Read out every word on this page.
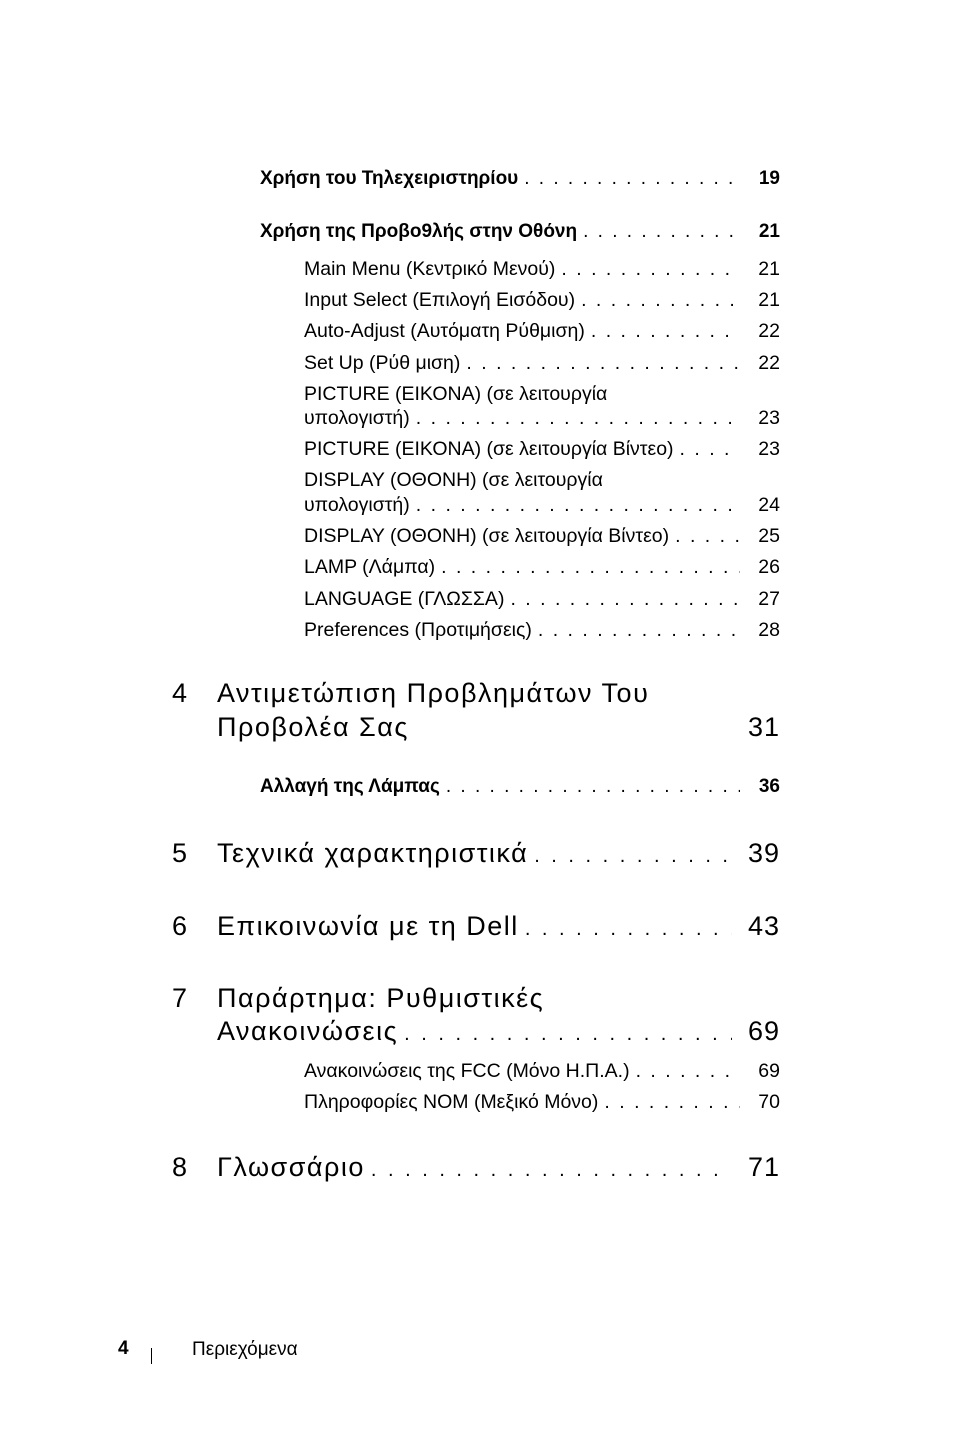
Χρήση του Τηλεχειριστηρίου . . .	19
Χρήση της Προβο9λής στην Οθόνη . . .	21
Main Menu (Κεντρικό Μενού) . . .	21
Input Select (Επιλογή Εισόδου) . . .	21
Auto-Adjust (Αυτόματη Ρύθμιση) . . .	22
Set Up (Ρύθ μιση) . . .	22
PICTURE (ΕΙΚΟΝΑ) (σε λειτουργία
υπολογιστή) . . .	23
PICTURE (ΕΙΚΟΝΑ) (σε λειτουργία Βίντεο) . . .	23
DISPLAY (ΟΘΟΝΗ) (σε λειτουργία
υπολογιστή) . . .	24
DISPLAY (ΟΘΟΝΗ) (σε λειτουργία Βίντεο) . . .	25
LAMP (Λάμπα) . . .	26
LANGUAGE (ΓΛΩΣΣΑ) . . .	27
Preferences (Προτιμήσεις) . . .	28
4 Αντιμετώπιση Προβλημάτων Του
Προβολέα Σας	31
Αλλαγή της Λάμπας . . .	36
5 Τεχνικά χαρακτηριστικά . . .	39
6 Επικοινωνία με τη Dell . . .	43
7 Παράρτημα: Ρυθμιστικές
Ανακοινώσεις . . .	69
Ανακοινώσεις της FCC (Μόνο Η.Π.Α.) . . .	69
Πληροφορίες NOM (Μεξικό Μόνο) . . .	70
8 Γλωσσάριο . . .	71
4	Περιεχόμενα
